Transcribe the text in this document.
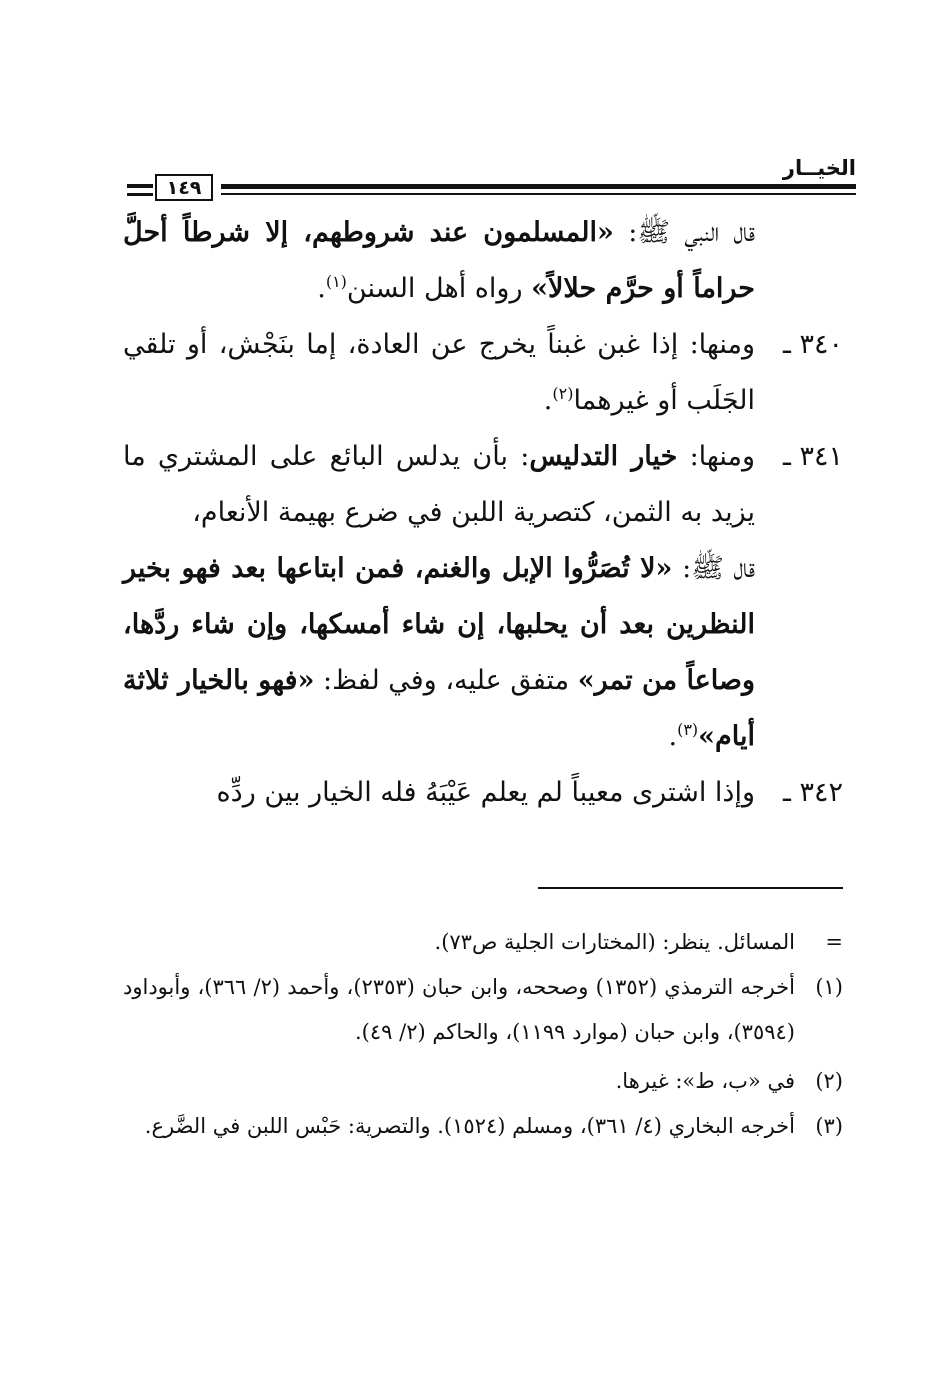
الخيــار
١٤٩

قال النبي ﷺ: «المسلمون عند شروطهم، إلا شرطاً أحلَّ حراماً أو حرَّم حلالاً» رواه أهل السنن$^{(١)}$.

٣٤٠ ـ
ومنها: إذا غبن غبناً يخرج عن العادة، إما بنَجْش، أو تلقي الجَلَب أو غيرهما$^{(٢)}$.

٣٤١ ـ
ومنها: خيار التدليس: بأن يدلس البائع على المشتري ما يزيد به الثمن، كتصرية اللبن في ضرع بهيمة الأنعام،

قال ﷺ: «لا تُصَرُّوا الإبل والغنم، فمن ابتاعها بعد فهو بخير النظرين بعد أن يحلبها، إن شاء أمسكها، وإن شاء ردَّها، وصاعاً من تمر» متفق عليه، وفي لفظ: «فهو بالخيار ثلاثة أيام»$^{(٣)}$.

٣٤٢ ـ
وإذا اشترى معيباً لم يعلم عَيْبَهُ فله الخيار بين ردِّه

=
المسائل. ينظر: (المختارات الجلية ص٧٣).

(١)
أخرجه الترمذي (١٣٥٢) وصححه، وابن حبان (٢٣٥٣)، وأحمد (٢/ ٣٦٦)، وأبوداود (٣٥٩٤)، وابن حبان (موارد ١١٩٩)، والحاكم (٢/ ٤٩).

(٢)
في «ب، ط»: غيرها.

(٣)
أخرجه البخاري (٤/ ٣٦١)، ومسلم (١٥٢٤). والتصرية: حَبْس اللبن في الضَّرع.
